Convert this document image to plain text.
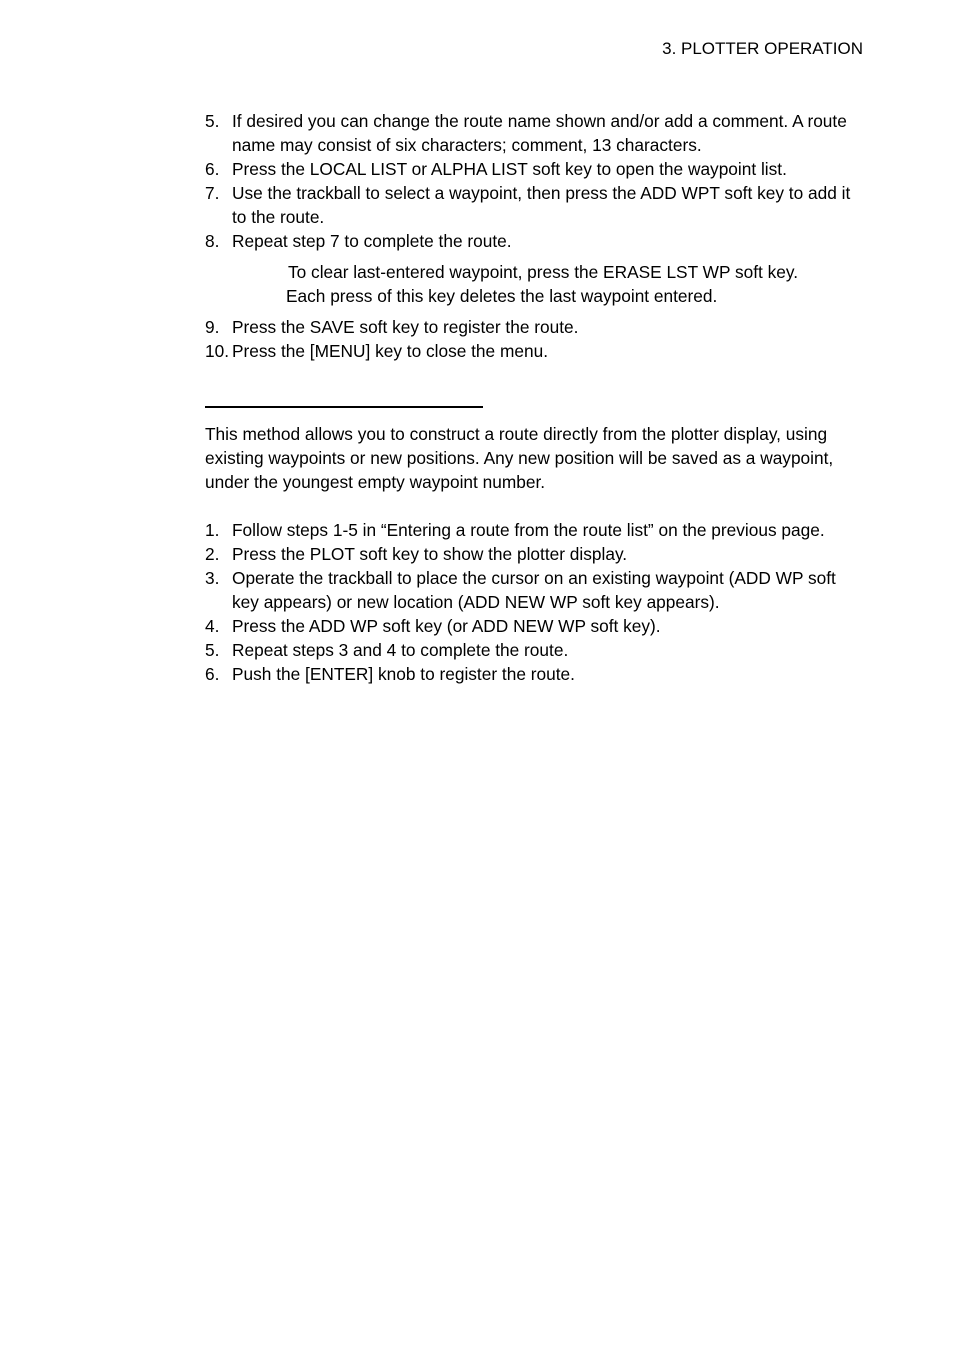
3. PLOTTER OPERATION
5. If desired you can change the route name shown and/or add a comment. A route name may consist of six characters; comment, 13 characters.
6. Press the LOCAL LIST or ALPHA LIST soft key to open the waypoint list.
7. Use the trackball to select a waypoint, then press the ADD WPT soft key to add it to the route.
8. Repeat step 7 to complete the route.
To clear last-entered waypoint, press the ERASE LST WP soft key.
Each press of this key deletes the last waypoint entered.
9. Press the SAVE soft key to register the route.
10. Press the [MENU] key to close the menu.

This method allows you to construct a route directly from the plotter display, using existing waypoints or new positions. Any new position will be saved as a waypoint, under the youngest empty waypoint number.

1. Follow steps 1-5 in “Entering a route from the route list” on the previous page.
2. Press the PLOT soft key to show the plotter display.
3. Operate the trackball to place the cursor on an existing waypoint (ADD WP soft key appears) or new location (ADD NEW WP soft key appears).
4. Press the ADD WP soft key (or ADD NEW WP soft key).
5. Repeat steps 3 and 4 to complete the route.
6. Push the [ENTER] knob to register the route.
